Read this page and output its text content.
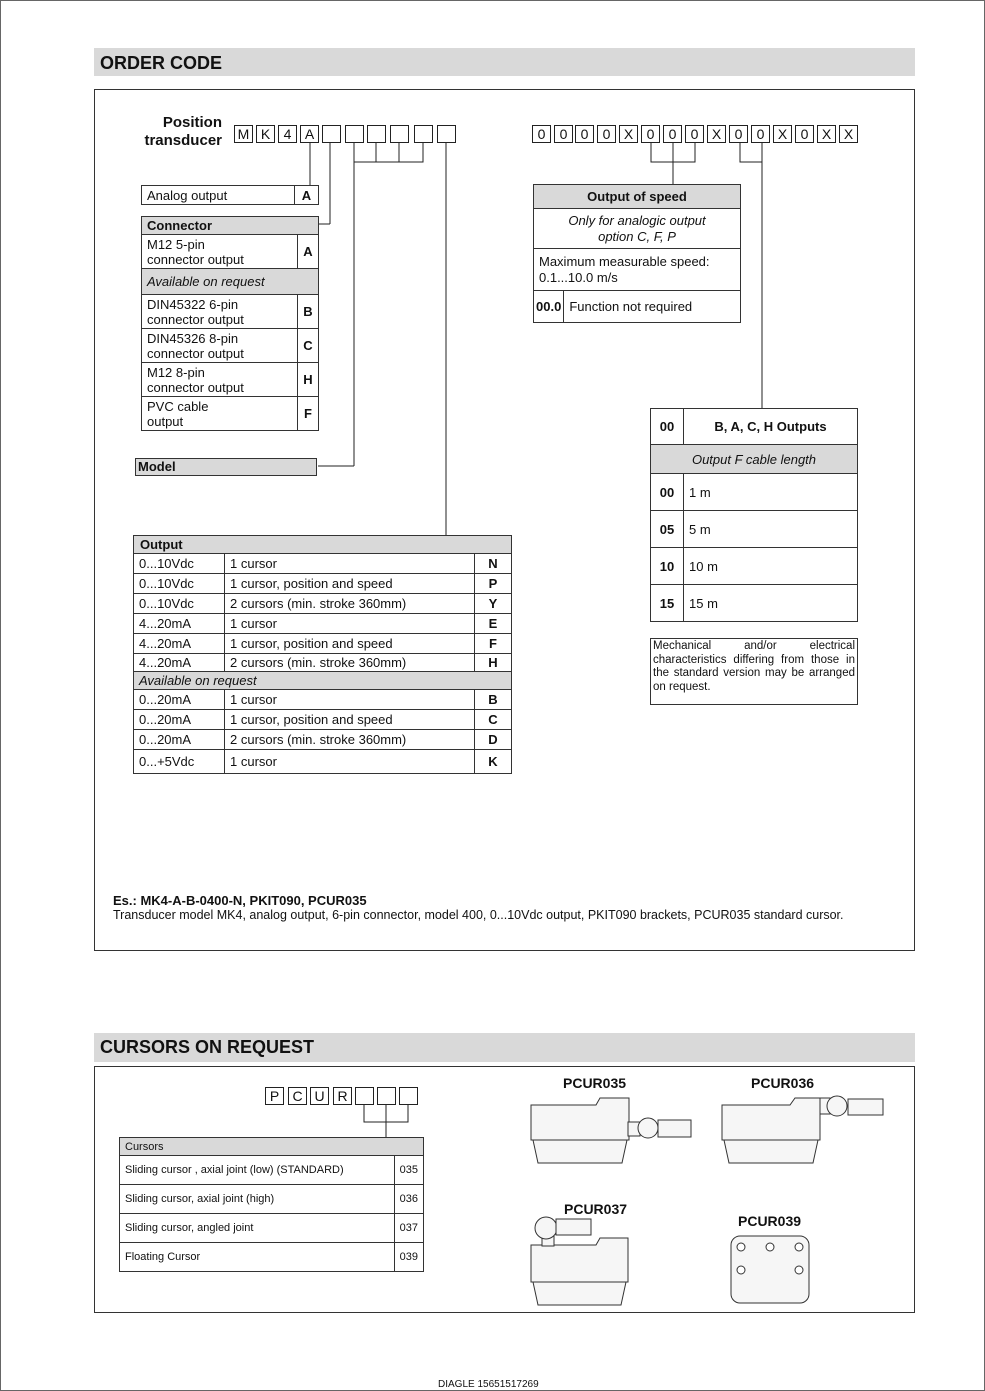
ORDER CODE
Position
transducer M K 4 A	0	0 0	0 X 0	0	0 X 0	0 X 0 X X
Analog output	A
Connector	

M12 5-pin
connector output	A
Available on request	

DIN45322 6-pin
connector output	B

DIN45326 8-pin
connector output	C

M12 8-pin
connector output	H

PVC cable
output	F
Model
Output of speed

Only for analogic output
option C, F, P

Maximum measurable speed:
0.1...10.0 m/s

00.0	Function not required
00	B, A, C, H Outputs
Output F cable length	
00	1 m
05	5 m
10	10 m
15	15 m
Mechanical and/or electrical characteristics differing from those in the standard version may be arranged on request.
Output		
0...10Vdc	1 cursor	N
0...10Vdc	1 cursor, position and speed	P
0...10Vdc	2 cursors (min. stroke 360mm)	Y
4...20mA	1 cursor	E
4...20mA	1 cursor, position and speed	F
4...20mA	2 cursors (min. stroke 360mm)	H
Available on request		
0...20mA	1 cursor	B
0...20mA	1 cursor, position and speed	C
0...20mA	2 cursors (min. stroke 360mm)	D
0...+5Vdc	1 cursor	K
Es.: MK4-A-B-0400-N, PKIT090, PCUR035
Transducer model MK4, analog output, 6-pin connector, model 400, 0...10Vdc output, PKIT090 brackets, PCUR035 standard cursor.
CURSORS ON REQUEST
P C U R
Cursors	
Sliding cursor , axial joint (low) (STANDARD)	035
Sliding cursor, axial joint (high)	036
Sliding cursor, angled joint	037
Floating Cursor	039
PCUR035	PCUR036
PCUR037
PCUR039
DIAGLE 15651517269
